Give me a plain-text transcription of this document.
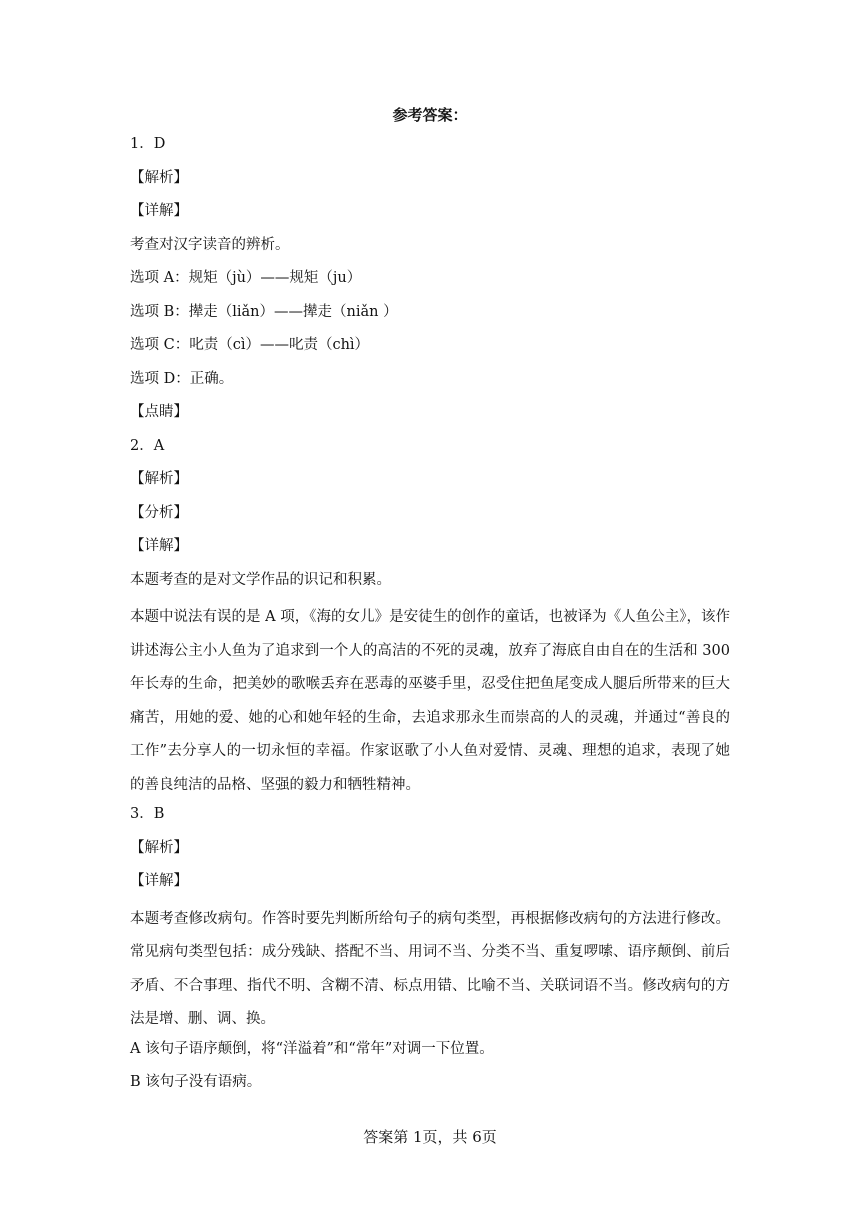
参考答案：
1．D
【解析】
【详解】
考查对汉字读音的辨析。
选项 A：规矩（jù）——规矩（ju）
选项 B：撵走（liǎn）——撵走（niǎn ）
选项 C：叱责（cì）——叱责（chì）
选项 D：正确。
【点睛】
2．A
【解析】
【分析】
【详解】
本题考查的是对文学作品的识记和积累。
本题中说法有误的是 A 项，《海的女儿》是安徒生的创作的童话，也被译为《人鱼公主》，该作讲述海公主小人鱼为了追求到一个人的高洁的不死的灵魂，放弃了海底自由自在的生活和 300 年长寿的生命，把美妙的歌喉丢弃在恶毒的巫婆手里，忍受住把鱼尾变成人腿后所带来的巨大痛苦，用她的爱、她的心和她年轻的生命，去追求那永生而崇高的人的灵魂，并通过“善良的工作”去分享人的一切永恒的幸福。作家讴歌了小人鱼对爱情、灵魂、理想的追求，表现了她的善良纯洁的品格、坚强的毅力和牺牲精神。
3．B
【解析】
【详解】
本题考查修改病句。作答时要先判断所给句子的病句类型，再根据修改病句的方法进行修改。常见病句类型包括：成分残缺、搭配不当、用词不当、分类不当、重复啰嗦、语序颠倒、前后矛盾、不合事理、指代不明、含糊不清、标点用错、比喻不当、关联词语不当。修改病句的方法是增、删、调、换。
A 该句子语序颠倒，将“洋溢着”和“常年”对调一下位置。
B 该句子没有语病。
答案第 1页，共 6页
